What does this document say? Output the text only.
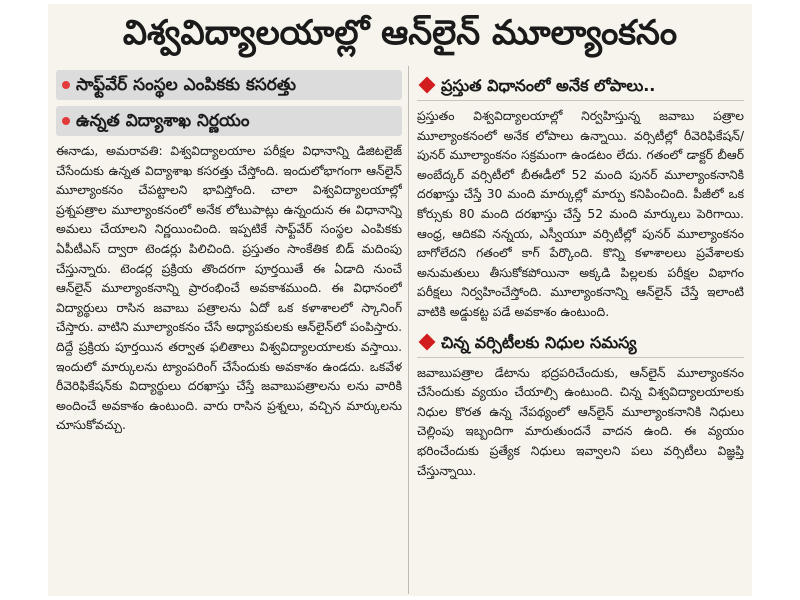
విశ్వవిద్యాలయాల్లో ఆన్‌లైన్ మూల్యాంకనం
సాఫ్ట్‌వేర్ సంస్థల ఎంపికకు కసరత్తు
ఉన్నత విద్యాశాఖ నిర్ణయం

ఈనాడు, అమరావతి: విశ్వవిద్యాలయాల పరీక్షల విధానాన్ని డిజిటలైజ్ చేసేందుకు ఉన్నత విద్యాశాఖ కసరత్తు చేస్తోంది. ఇందులోభాగంగా ఆన్‌లైన్ మూల్యాంకనం చేపట్టాలని భావిస్తోంది. చాలా విశ్వవిద్యాలయాల్లో ప్రశ్నపత్రాల మూల్యాంకనంలో అనేక లోటుపాట్లు ఉన్నందున ఈ విధానాన్ని అమలు చేయాలని నిర్ణయించింది. ఇప్పటికే సాఫ్ట్‌వేర్ సంస్థల ఎంపికకు ఏపీటీఎస్ ద్వారా టెండర్లు పిలిచింది. ప్రస్తుతం సాంకేతిక బిడ్ మదింపు చేస్తున్నారు. టెండర్ల ప్రక్రియ తొందరగా పూర్తయితే ఈ ఏడాది నుంచే ఆన్‌లైన్ మూల్యాంకనాన్ని ప్రారంభించే అవకాశముంది. ఈ విధానంలో విద్యార్థులు రాసిన జవాబు పత్రాలను ఏదో ఒక కళాశాలలో స్కానింగ్ చేస్తారు. వాటిని మూల్యాంకనం చేసే అధ్యాపకులకు ఆన్‌లైన్‌లో పంపిస్తారు. దిద్దే ప్రక్రియ పూర్తయిన తర్వాత ఫలితాలు విశ్వవిద్యాలయాలకు వస్తాయి. ఇందులో మార్కులను ట్యాంపరింగ్ చేసేందుకు అవకాశం ఉండదు. ఒకవేళ రీవెరిఫికేషన్‌కు విద్యార్థులు దరఖాస్తు చేస్తే జవాబుపత్రాలను లను వారికి అందించే అవకాశం ఉంటుంది. వారు రాసిన ప్రశ్నలు, వచ్చిన మార్కులను చూసుకోవచ్చు.

ప్రస్తుత విధానంలో అనేక లోపాలు..

ప్రస్తుతం విశ్వవిద్యాలయాల్లో నిర్వహిస్తున్న జవాబు పత్రాల మూల్యాంకనంలో అనేక లోపాలు ఉన్నాయి. వర్సిటీల్లో రీవెరిఫికేషన్/పునర్ మూల్యాంకనం సక్రమంగా ఉండటం లేదు. గతంలో డాక్టర్ బీఆర్ అంబేద్కర్ వర్సిటీలో బీఈడీలో 52 మంది పునర్ మూల్యాంకనానికి దరఖాస్తు చేస్తే 30 మంది మార్కుల్లో మార్పు కనిపించింది. పీజీలో ఒక కోర్సుకు 80 మంది దరఖాస్తు చేస్తే 52 మంది మార్కులు పెరిగాయి. ఆంధ్ర, ఆదికవి నన్నయ, ఎస్వీయూ వర్సిటీల్లో పునర్ మూల్యాంకనం బాగోలేదని గతంలో కాగ్ పేర్కొంది. కొన్ని కళాశాలలు ప్రవేశాలకు అనుమతులు తీసుకోకపోయినా అక్కడి పిల్లలకు పరీక్షల విభాగం పరీక్షలు నిర్వహించేస్తోంది. మూల్యాంకనాన్ని ఆన్‌లైన్ చేస్తే ఇలాంటి వాటికి అడ్డుకట్ట పడే అవకాశం ఉంటుంది.

చిన్న వర్సిటీలకు నిధుల సమస్య

జవాబుపత్రాల డేటాను భద్రపరిచేందుకు, ఆన్‌లైన్ మూల్యాంకనం చేసేందుకు వ్యయం చేయాల్సి ఉంటుంది. చిన్న విశ్వవిద్యాలయాలకు నిధుల కొరత ఉన్న నేపథ్యంలో ఆన్‌లైన్ మూల్యాంకనానికి నిధులు చెల్లింపు ఇబ్బందిగా మారుతుందనే వాదన ఉంది. ఈ వ్యయం భరించేందుకు ప్రత్యేక నిధులు ఇవ్వాలని పలు వర్సిటీలు విజ్ఞప్తి చేస్తున్నాయి.
